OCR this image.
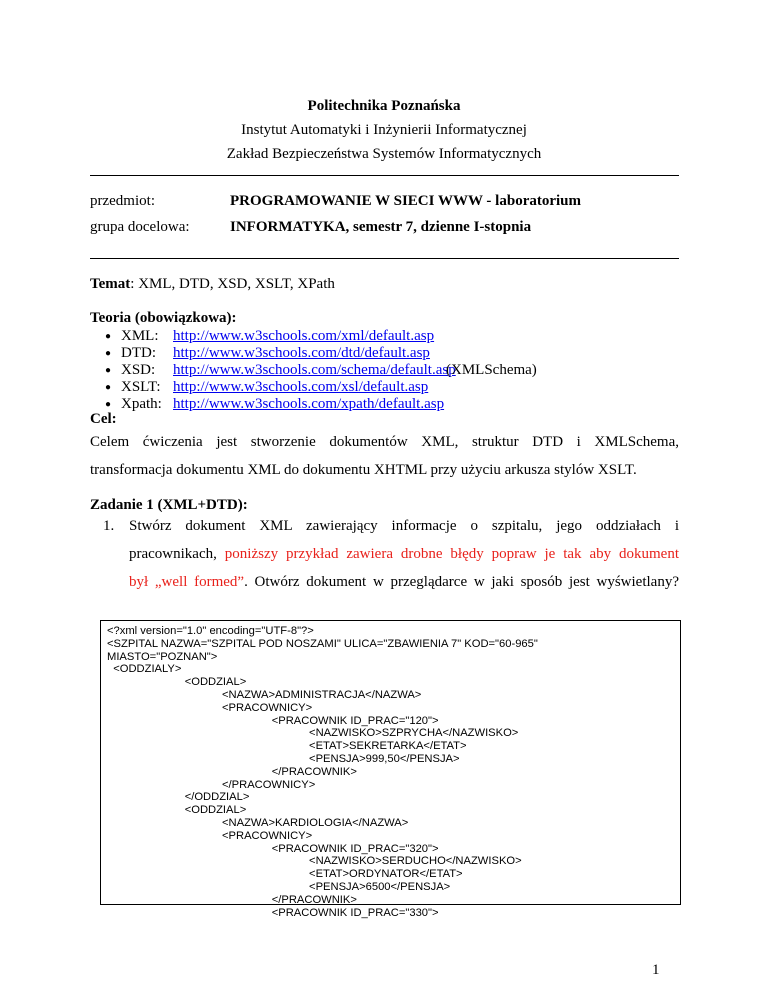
Politechnika Poznańska
Instytut Automatyki i Inżynierii Informatycznej
Zakład Bezpieczeństwa Systemów Informatycznych
przedmiot:	PROGRAMOWANIE W SIECI WWW - laboratorium
grupa docelowa:	INFORMATYKA, semestr 7, dzienne I-stopnia
Temat: XML, DTD, XSD, XSLT, XPath
Teoria (obowiązkowa):
● XML: http://www.w3schools.com/xml/default.asp
● DTD: http://www.w3schools.com/dtd/default.asp
● XSD: http://www.w3schools.com/schema/default.asp
(XMLSchema)
● XSLT: http://www.w3schools.com/xsl/default.asp
● Xpath: http://www.w3schools.com/xpath/default.asp
Cel:
Celem ćwiczenia jest stworzenie dokumentów XML, struktur DTD i XMLSchema,
transformacja dokumentu XML do dokumentu XHTML przy użyciu arkusza stylów XSLT.
Zadanie 1 (XML+DTD):
1. Stwórz dokument XML zawierający informacje o szpitalu, jego oddziałach i
pracownikach, poniższy przykład zawiera drobne błędy popraw je tak aby dokument
był „well formed”. Otwórz dokument w przeglądarce w jaki sposób jest wyświetlany?
<?xml version="1.0" encoding="UTF-8"?>
<SZPITAL NAZWA="SZPITAL POD NOSZAMI" ULICA="ZBAWIENIA 7" KOD="60-965"
MIASTO="POZNAN">
<ODDZIALY>
<ODDZIAL>
<NAZWA>ADMINISTRACJA</NAZWA>
<PRACOWNICY>
<PRACOWNIK ID_PRAC="120">
<NAZWISKO>SZPRYCHA</NAZWISKO>
<ETAT>SEKRETARKA</ETAT>
<PENSJA>999,50</PENSJA>
</PRACOWNIK>
</PRACOWNICY>
</ODDZIAL>
<ODDZIAL>
<NAZWA>KARDIOLOGIA</NAZWA>
<PRACOWNICY>
<PRACOWNIK ID_PRAC="320">
<NAZWISKO>SERDUCHO</NAZWISKO>
<ETAT>ORDYNATOR</ETAT>
<PENSJA>6500</PENSJA>
</PRACOWNIK>
<PRACOWNIK ID_PRAC="330">
1
